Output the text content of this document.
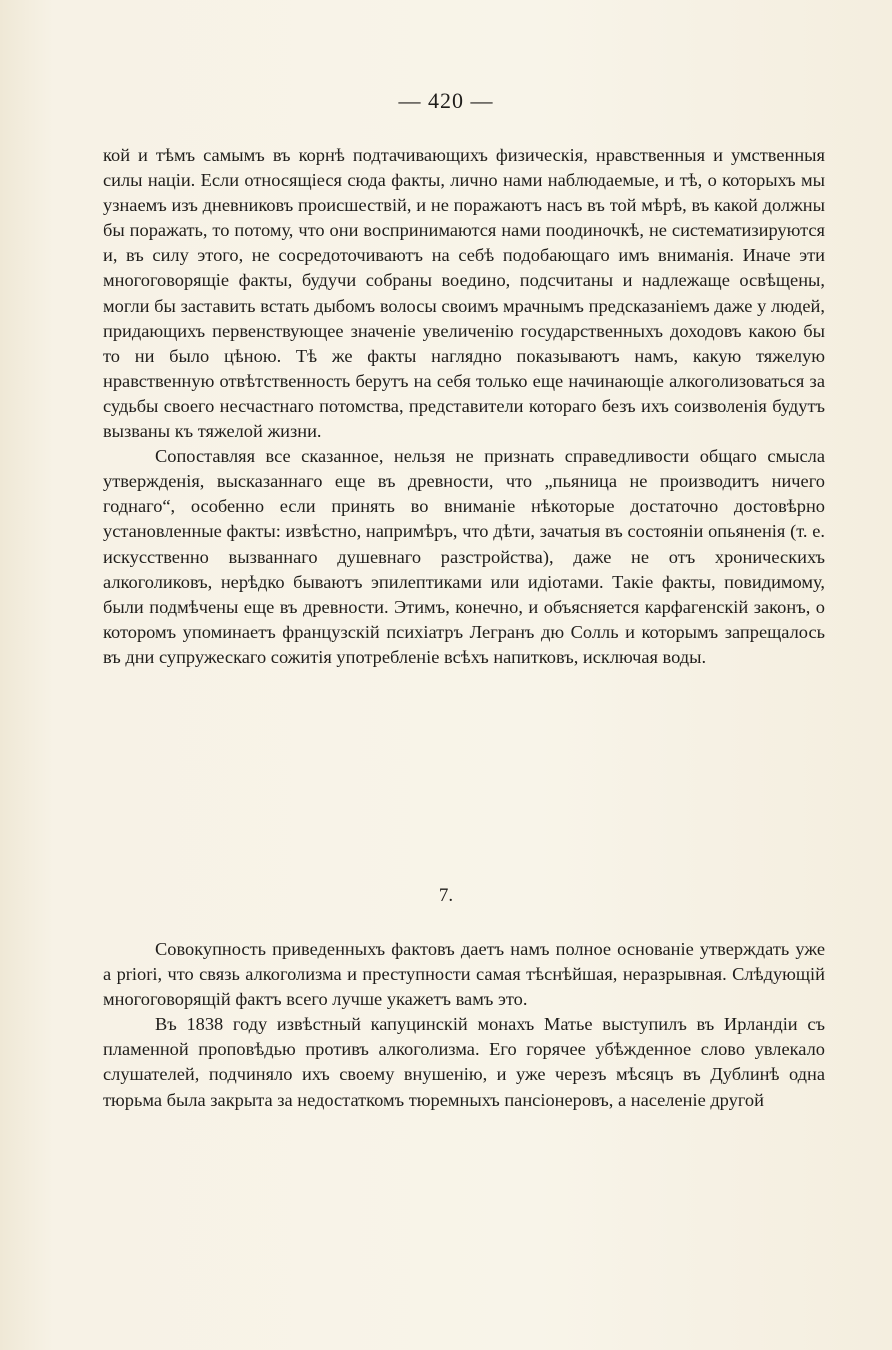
— 420 —

кой и тѣмъ самымъ въ корнѣ подтачивающихъ физическія, нравственныя и умственныя силы націи. Если относящіеся сюда факты, лично нами наблюдаемые, и тѣ, о которыхъ мы узнаемъ изъ дневниковъ происшествій, и не поражаютъ насъ въ той мѣрѣ, въ какой должны бы поражать, то потому, что они воспринимаются нами поодиночкѣ, не систематизируются и, въ силу этого, не сосредоточиваютъ на себѣ подобающаго имъ вниманія. Иначе эти многоговорящіе факты, будучи собраны воедино, подсчитаны и надлежаще освѣщены, могли бы заставить встать дыбомъ волосы своимъ мрачнымъ предсказаніемъ даже у людей, придающихъ первенствующее значеніе увеличенію государственныхъ доходовъ какою бы то ни было цѣною. Тѣ же факты наглядно показываютъ намъ, какую тяжелую нравственную отвѣтственность берутъ на себя только еще начинающіе алкоголизоваться за судьбы своего несчастнаго потомства, представители котораго безъ ихъ соизволенія будутъ вызваны къ тяжелой жизни.

Сопоставляя все сказанное, нельзя не признать справедливости общаго смысла утвержденія, высказаннаго еще въ древности, что „пьяница не производитъ ничего годнаго“, особенно если принять во вниманіе нѣкоторые достаточно достовѣрно установленные факты: извѣстно, напримѣръ, что дѣти, зачатыя въ состояніи опьяненія (т. е. искусственно вызваннаго душевнаго разстройства), даже не отъ хроническихъ алкоголиковъ, нерѣдко бываютъ эпилептиками или идіотами. Такіе факты, повидимому, были подмѣчены еще въ древности. Этимъ, конечно, и объясняется карфагенскій законъ, о которомъ упоминаетъ французскій психіатръ Легранъ дю Солль и которымъ запрещалось въ дни супружескаго сожитія употребленіе всѣхъ напитковъ, исключая воды.

7.

Совокупность приведенныхъ фактовъ даетъ намъ полное основаніе утверждать уже a priori, что связь алкоголизма и преступности самая тѣснѣйшая, неразрывная. Слѣдующій многоговорящій фактъ всего лучше укажетъ вамъ это.

Въ 1838 году извѣстный капуцинскій монахъ Матье выступилъ въ Ирландіи съ пламенной проповѣдью противъ алкоголизма. Его горячее убѣжденное слово увлекало слушателей, подчиняло ихъ своему внушенію, и уже черезъ мѣсяцъ въ Дублинѣ одна тюрьма была закрыта за недостаткомъ тюремныхъ пансіонеровъ, а населеніе другой
